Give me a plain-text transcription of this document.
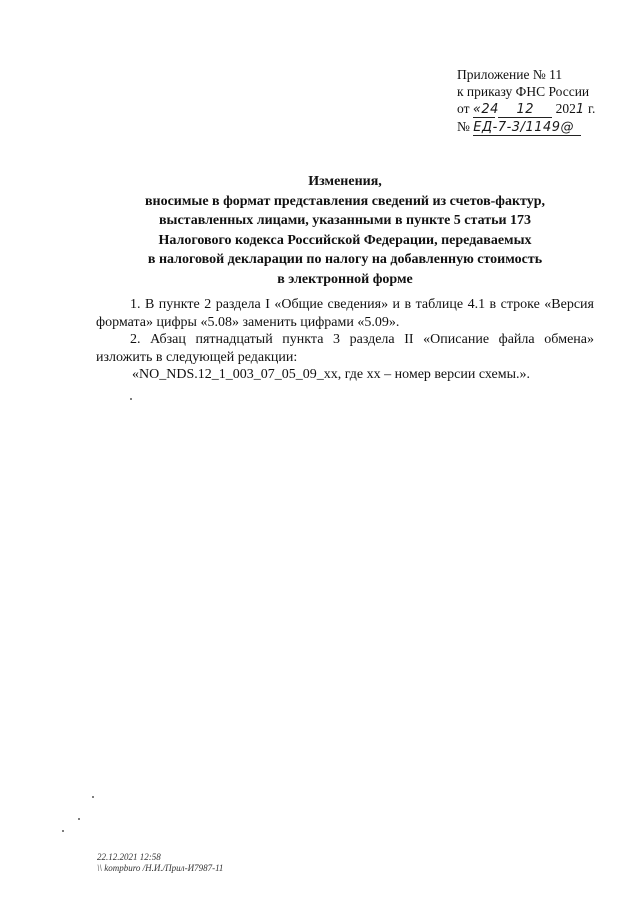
Приложение № 11
к приказу ФНС России
от «24 12 2021 г.
№ ЕД-7-3/1149@
Изменения,
вносимые в формат представления сведений из счетов-фактур,
выставленных лицами, указанными в пункте 5 статьи 173
Налогового кодекса Российской Федерации, передаваемых
в налоговой декларации по налогу на добавленную стоимость
в электронной форме

1. В пункте 2 раздела I «Общие сведения» и в таблице 4.1 в строке «Версия формата» цифры «5.08» заменить цифрами «5.09».

2. Абзац пятнадцатый пункта 3 раздела II «Описание файла обмена» изложить в следующей редакции:

«NO_NDS.12_1_003_07_05_09_хх, где хх – номер версии схемы.».

22.12.2021 12:58
\\ kompburo /Н.И./Прил-И7987-11
